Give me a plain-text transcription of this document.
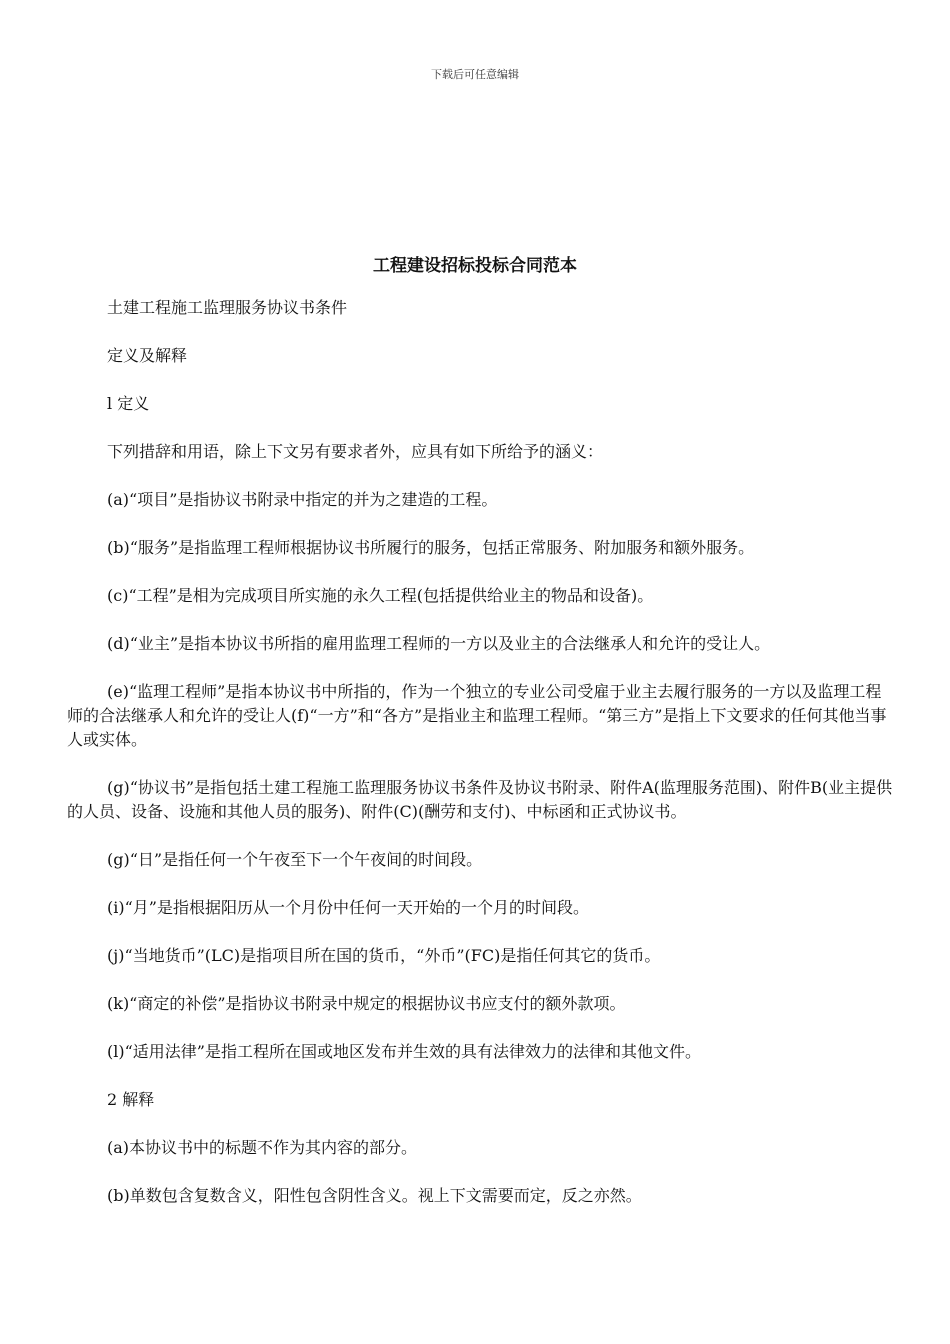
下载后可任意编辑
工程建设招标投标合同范本

土建工程施工监理服务协议书条件

定义及解释

l 定义

下列措辞和用语，除上下文另有要求者外，应具有如下所给予的涵义：

(a)“项目”是指协议书附录中指定的并为之建造的工程。

(b)“服务”是指监理工程师根据协议书所履行的服务，包括正常服务、附加服务和额外服务。

(c)“工程”是相为完成项目所实施的永久工程(包括提供给业主的物品和设备)。

(d)“业主”是指本协议书所指的雇用监理工程师的一方以及业主的合法继承人和允许的受让人。

(e)“监理工程师”是指本协议书中所指的，作为一个独立的专业公司受雇于业主去履行服务的一方以及监理工程师的合法继承人和允许的受让人(f)“一方”和“各方”是指业主和监理工程师。“第三方”是指上下文要求的任何其他当事人或实体。

(g)“协议书”是指包括土建工程施工监理服务协议书条件及协议书附录、附件A(监理服务范围)、附件B(业主提供的人员、设备、设施和其他人员的服务)、附件(C)(酬劳和支付)、中标函和正式协议书。

(g)“日”是指任何一个午夜至下一个午夜间的时间段。

(i)“月”是指根据阳历从一个月份中任何一天开始的一个月的时间段。

(j)“当地货币”(LC)是指项目所在国的货币，“外币”(FC)是指任何其它的货币。

(k)“商定的补偿”是指协议书附录中规定的根据协议书应支付的额外款项。

(l)“适用法律”是指工程所在国或地区发布并生效的具有法律效力的法律和其他文件。

2 解释

(a)本协议书中的标题不作为其内容的部分。

(b)单数包含复数含义，阳性包含阴性含义。视上下文需要而定，反之亦然。
